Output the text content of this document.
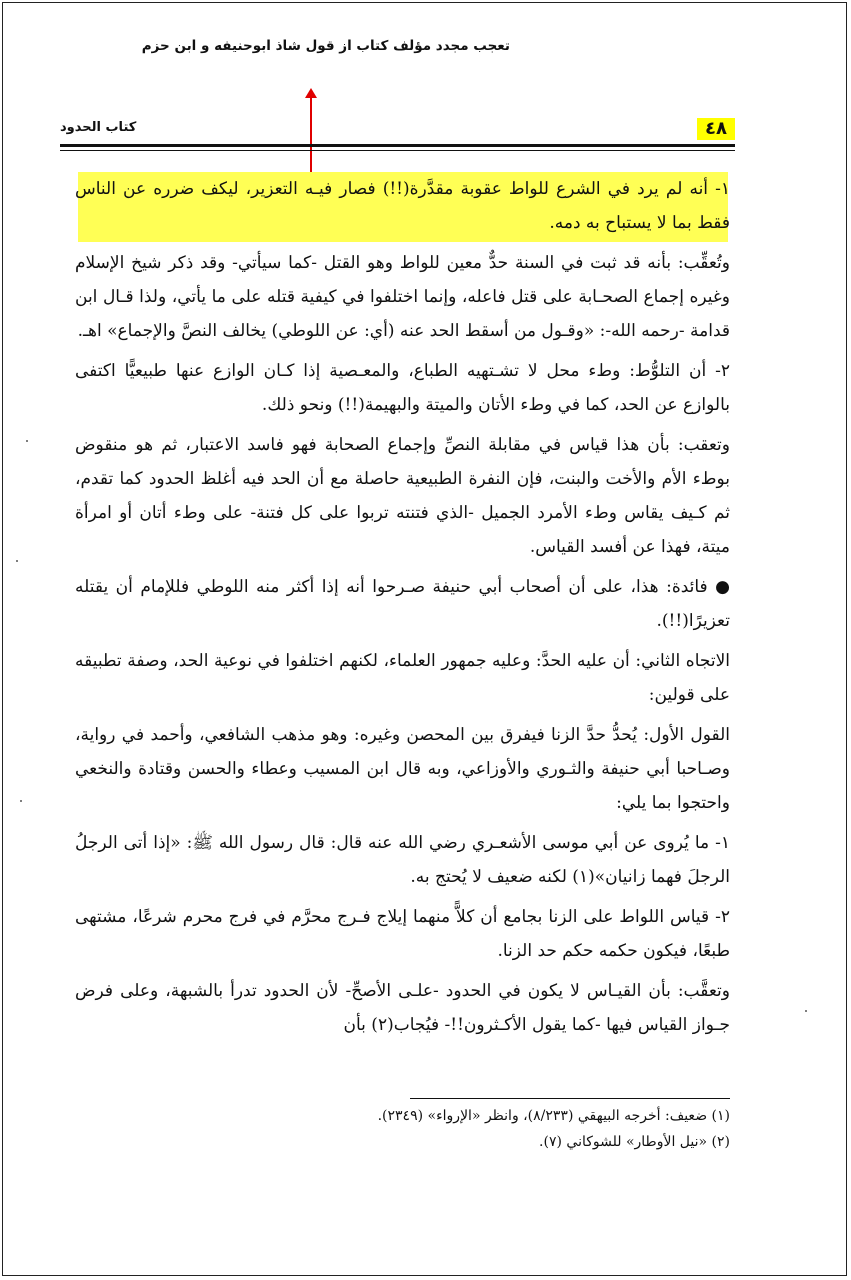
تعجب مجدد مؤلف کتاب از قول شاذ ابوحنیفه و ابن حزم
٤٨
كتاب الحدود

١- أنه لم يرد في الشرع للواط عقوبة مقدَّرة(!!) فصار فيـه التعزير، ليكف ضرره عن الناس فقط بما لا يستباح به دمه.

وتُعقِّب: بأنه قد ثبت في السنة حدٌّ معين للواط وهو القتل -كما سيأتي- وقد ذكر شيخ الإسلام وغيره إجماع الصحـابة على قتل فاعله، وإنما اختلفوا في كيفية قتله على ما يأتي، ولذا قـال ابن قدامة -رحمه الله-: «وقـول من أسقط الحد عنه (أي: عن اللوطي) يخالف النصَّ والإجماع» اهـ.

٢- أن التلوُّط: وطء محل لا تشـتهيه الطباع، والمعـصية إذا كـان الوازع عنها طبيعيًّا اكتفى بالوازع عن الحد، كما في وطء الأتان والميتة والبهيمة(!!) ونحو ذلك.

وتعقب: بأن هذا قياس في مقابلة النصِّ وإجماع الصحابة فهو فاسد الاعتبار، ثم هو منقوض بوطء الأم والأخت والبنت، فإن النفرة الطبيعية حاصلة مع أن الحد فيه أغلظ الحدود كما تقدم، ثم كـيف يقاس وطء الأمرد الجميل -الذي فتنته تربوا على كل فتنة- على وطء أتان أو امرأة ميتة، فهذا عن أفسد القياس.

● فائدة: هذا، على أن أصحاب أبي حنيفة صـرحوا أنه إذا أكثر منه اللوطي فللإمام أن يقتله تعزيرًا(!!).

الاتجاه الثاني: أن عليه الحدَّ: وعليه جمهور العلماء، لكنهم اختلفوا في نوعية الحد، وصفة تطبيقه على قولين:

القول الأول: يُحدُّ حدَّ الزنا فيفرق بين المحصن وغيره: وهو مذهب الشافعي، وأحمد في رواية، وصـاحبا أبي حنيفة والثـوري والأوزاعي، وبه قال ابن المسيب وعطاء والحسن وقتادة والنخعي واحتجوا بما يلي:

١- ما يُروى عن أبي موسى الأشعـري رضي الله عنه قال: قال رسول الله ﷺ: «إذا أتى الرجلُ الرجلَ فهما زانيان»(١) لكنه ضعيف لا يُحتج به.

٢- قياس اللواط على الزنا بجامع أن كلاًّ منهما إيلاج فـرج محرَّم في فرج محرم شرعًا، مشتهى طبعًا، فيكون حكمه حكم حد الزنا.

وتعقَّب: بأن القيـاس لا يكون في الحدود -علـى الأصحِّ- لأن الحدود تدرأ بالشبهة، وعلى فرض جـواز القياس فيها -كما يقول الأكـثرون!!- فيُجاب(٢) بأن

(١) ضعيف: أخرجه البيهقي (٨/٢٣٣)، وانظر «الإرواء» (٢٣٤٩).

(٢) «نيل الأوطار» للشوكاني (٧).
